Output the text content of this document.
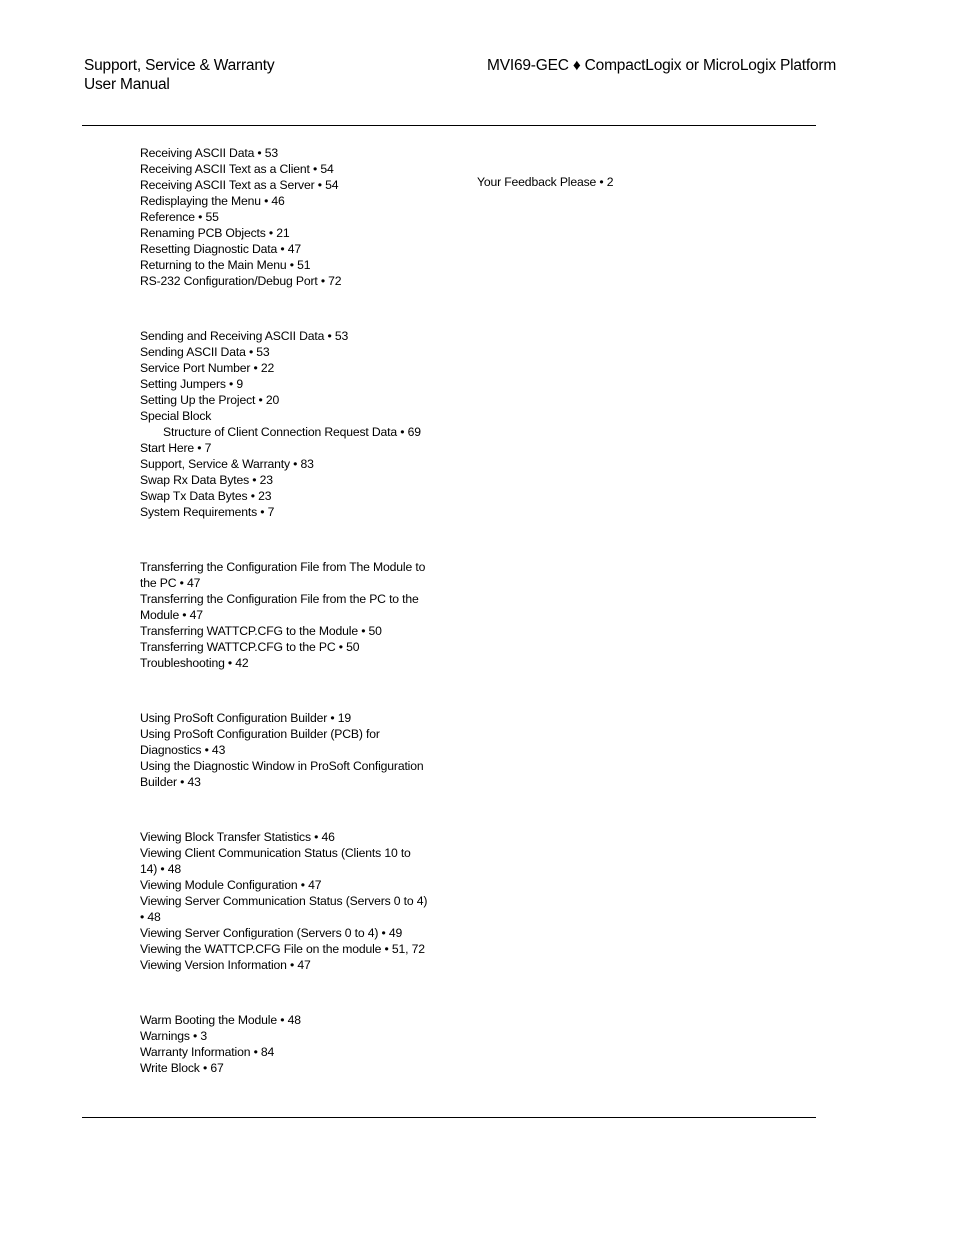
Support, Service & Warranty
User Manual
MVI69-GEC ♦ CompactLogix or MicroLogix Platform
Receiving ASCII Data • 53
Receiving ASCII Text as a Client • 54
Receiving ASCII Text as a Server • 54
Redisplaying the Menu • 46
Reference • 55
Renaming PCB Objects • 21
Resetting Diagnostic Data • 47
Returning to the Main Menu • 51
RS-232 Configuration/Debug Port • 72
Sending and Receiving ASCII Data • 53
Sending ASCII Data • 53
Service Port Number • 22
Setting Jumpers • 9
Setting Up the Project • 20
Special Block
Structure of Client Connection Request Data • 69
Start Here • 7
Support, Service & Warranty • 83
Swap Rx Data Bytes • 23
Swap Tx Data Bytes • 23
System Requirements • 7
Transferring the Configuration File from The Module to
the PC • 47
Transferring the Configuration File from the PC to the
Module • 47
Transferring WATTCP.CFG to the Module • 50
Transferring WATTCP.CFG to the PC • 50
Troubleshooting • 42
Using ProSoft Configuration Builder • 19
Using ProSoft Configuration Builder (PCB) for
Diagnostics • 43
Using the Diagnostic Window in ProSoft Configuration
Builder • 43
Viewing Block Transfer Statistics • 46
Viewing Client Communication Status (Clients 10 to
14) • 48
Viewing Module Configuration • 47
Viewing Server Communication Status (Servers 0 to 4)
• 48
Viewing Server Configuration (Servers 0 to 4) • 49
Viewing the WATTCP.CFG File on the module • 51, 72
Viewing Version Information • 47
Warm Booting the Module • 48
Warnings • 3
Warranty Information • 84
Write Block • 67
Your Feedback Please • 2
